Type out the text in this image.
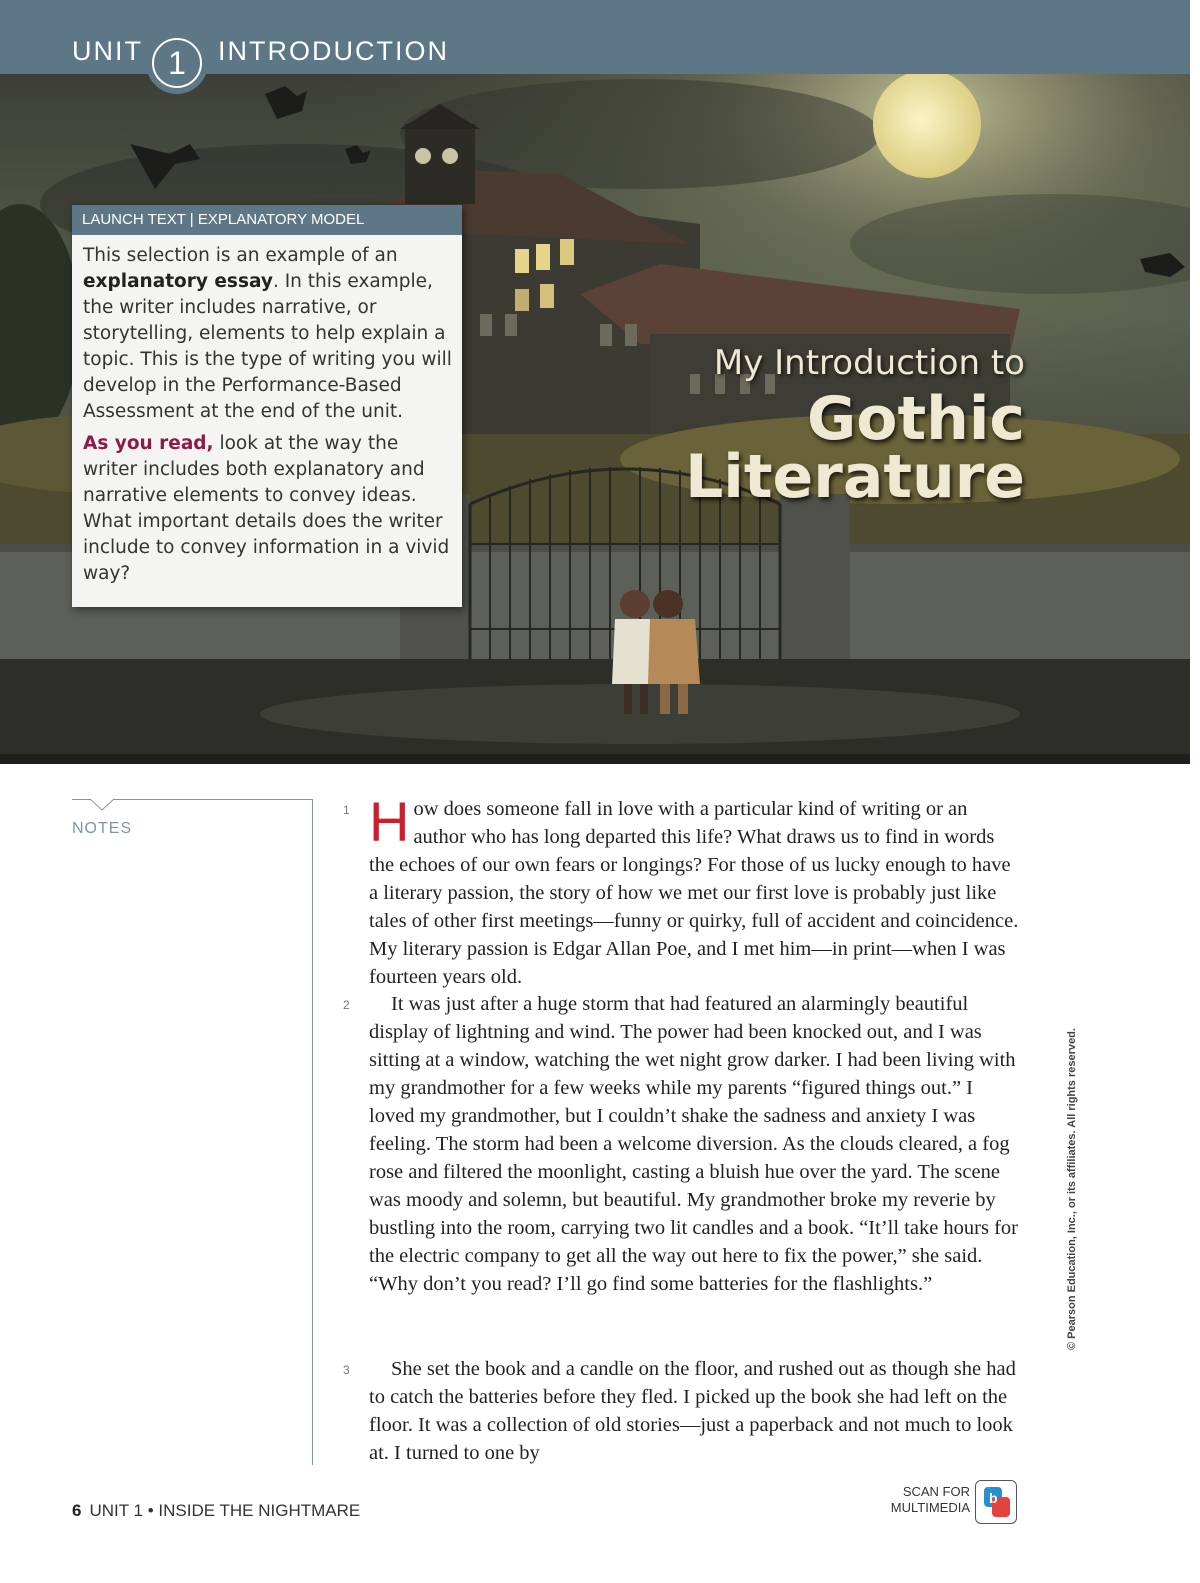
UNIT 1	INTRODUCTION
LAUNCH TEXT | EXPLANATORY MODEL

This selection is an example of an explanatory essay. In this example, the writer includes narrative, or storytelling, elements to help explain a topic. This is the type of writing you will develop in the Performance-Based Assessment at the end of the unit.

As you read, look at the way the writer includes both explanatory and narrative elements to convey ideas. What important details does the writer include to convey information in a vivid way?

My Introduction to
Gothic
Literature
NOTES
1 How does someone fall in love with a particular kind of writing or an author who has long departed this life? What draws us to find in words the echoes of our own fears or longings? For those of us lucky enough to have a literary passion, the story of how we met our first love is probably just like tales of other first meetings—funny or quirky, full of accident and coincidence. My literary passion is Edgar Allan Poe, and I met him—in print—when I was fourteen years old.
2	It was just after a huge storm that had featured an alarmingly beautiful display of lightning and wind. The power had been knocked out, and I was sitting at a window, watching the wet night grow darker. I had been living with my grandmother for a few weeks while my parents “figured things out.” I loved my grandmother, but I couldn’t shake the sadness and anxiety I was feeling. The storm had been a welcome diversion. As the clouds cleared, a fog rose and filtered the moonlight, casting a bluish hue over the yard. The scene was moody and solemn, but beautiful. My grandmother broke my reverie by bustling into the room, carrying two lit candles and a book. “It’ll take hours for the electric company to get all the way out here to fix the power,” she said. “Why don’t you read? I’ll go find some batteries for the flashlights.”
3	She set the book and a candle on the floor, and rushed out as though she had to catch the batteries before they fled. I picked up the book she had left on the floor. It was a collection of old stories—just a paperback and not much to look at. I turned to one by
© Pearson Education, Inc., or its affiliates. All rights reserved.
6 UNIT 1 • INSIDE THE NIGHTMARE
SCAN FOR
MULTIMEDIA
b
